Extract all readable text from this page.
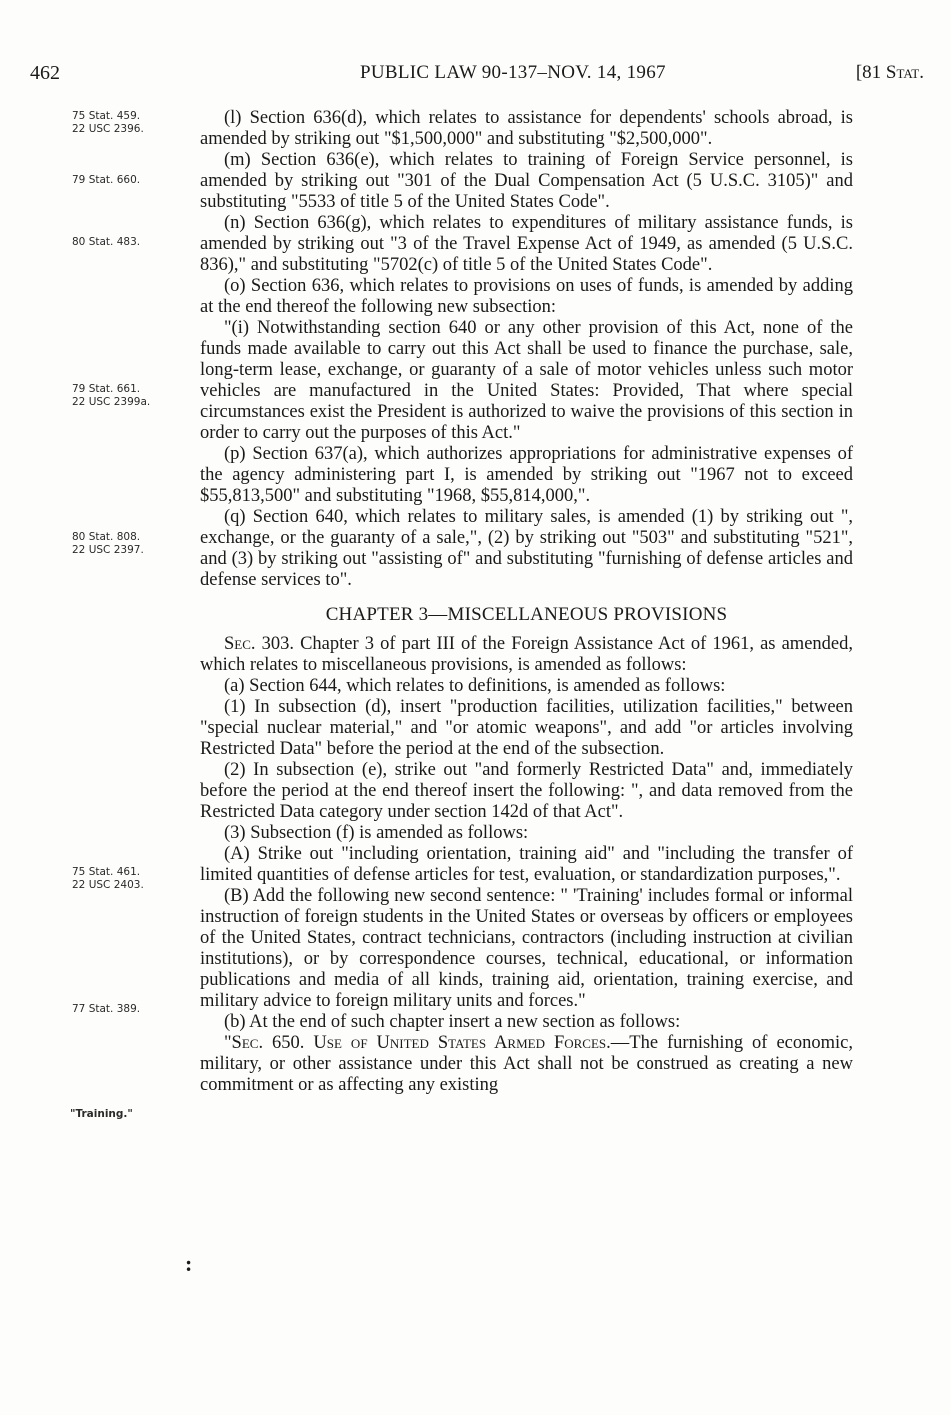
462	PUBLIC LAW 90-137–NOV. 14, 1967	[81 Stat.
75 Stat. 459.
22 USC 2396.
79 Stat. 660.
80 Stat. 483.
79 Stat. 661.
22 USC 2399a.
80 Stat. 808.
22 USC 2397.
75 Stat. 461.
22 USC 2403.
77 Stat. 389.
"Training."
:

(l) Section 636(d), which relates to assistance for dependents' schools abroad, is amended by striking out "$1,500,000" and substituting "$2,500,000".

(m) Section 636(e), which relates to training of Foreign Service personnel, is amended by striking out "301 of the Dual Compensation Act (5 U.S.C. 3105)" and substituting "5533 of title 5 of the United States Code".

(n) Section 636(g), which relates to expenditures of military assistance funds, is amended by striking out "3 of the Travel Expense Act of 1949, as amended (5 U.S.C. 836)," and substituting "5702(c) of title 5 of the United States Code".

(o) Section 636, which relates to provisions on uses of funds, is amended by adding at the end thereof the following new subsection:

"(i) Notwithstanding section 640 or any other provision of this Act, none of the funds made available to carry out this Act shall be used to finance the purchase, sale, long-term lease, exchange, or guaranty of a sale of motor vehicles unless such motor vehicles are manufactured in the United States: Provided, That where special circumstances exist the President is authorized to waive the provisions of this section in order to carry out the purposes of this Act."

(p) Section 637(a), which authorizes appropriations for administrative expenses of the agency administering part I, is amended by striking out "1967 not to exceed $55,813,500" and substituting "1968, $55,814,000,".

(q) Section 640, which relates to military sales, is amended (1) by striking out ", exchange, or the guaranty of a sale,", (2) by striking out "503" and substituting "521", and (3) by striking out "assisting of" and substituting "furnishing of defense articles and defense services to".

CHAPTER 3—MISCELLANEOUS PROVISIONS

Sec. 303. Chapter 3 of part III of the Foreign Assistance Act of 1961, as amended, which relates to miscellaneous provisions, is amended as follows:

(a) Section 644, which relates to definitions, is amended as follows:

(1) In subsection (d), insert "production facilities, utilization facilities," between "special nuclear material," and "or atomic weapons", and add "or articles involving Restricted Data" before the period at the end of the subsection.

(2) In subsection (e), strike out "and formerly Restricted Data" and, immediately before the period at the end thereof insert the following: ", and data removed from the Restricted Data category under section 142d of that Act".

(3) Subsection (f) is amended as follows:

(A) Strike out "including orientation, training aid" and "including the transfer of limited quantities of defense articles for test, evaluation, or standardization purposes,".

(B) Add the following new second sentence: " 'Training' includes formal or informal instruction of foreign students in the United States or overseas by officers or employees of the United States, contract technicians, contractors (including instruction at civilian institutions), or by correspondence courses, technical, educational, or information publications and media of all kinds, training aid, orientation, training exercise, and military advice to foreign military units and forces."

(b) At the end of such chapter insert a new section as follows:

"Sec. 650. Use of United States Armed Forces.—The furnishing of economic, military, or other assistance under this Act shall not be construed as creating a new commitment or as affecting any existing
